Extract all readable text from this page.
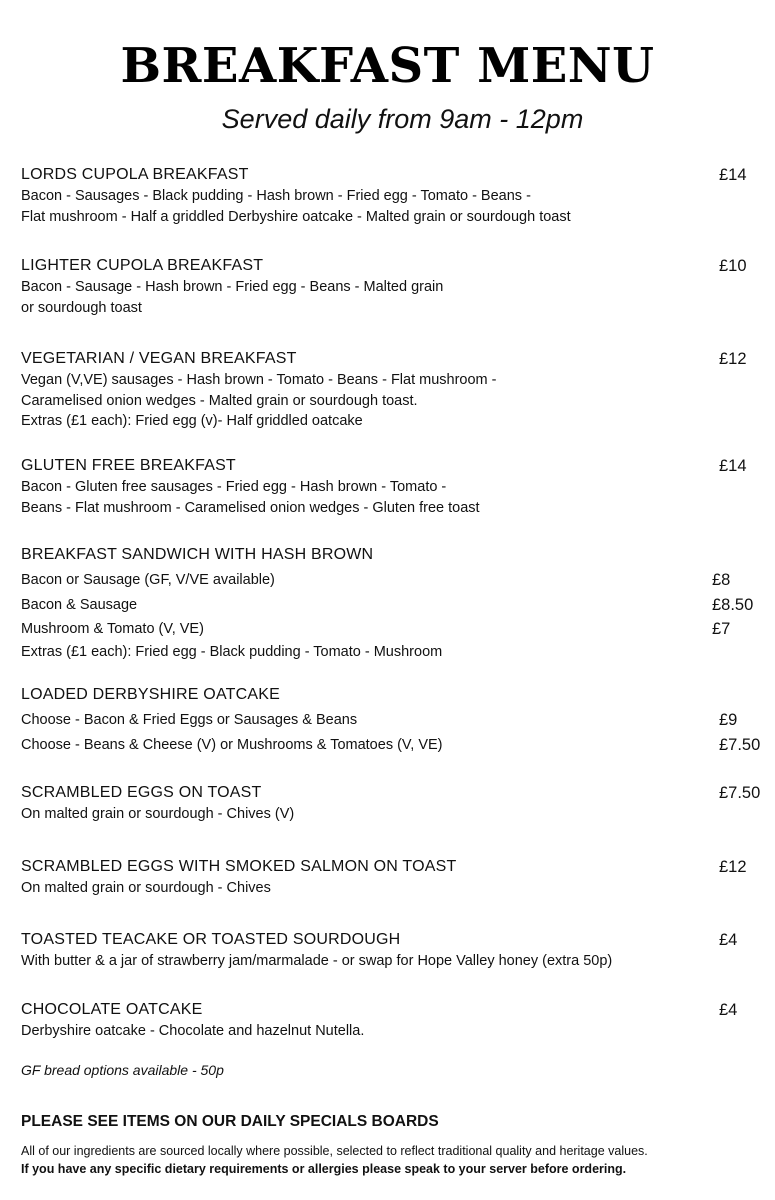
BREAKFAST MENU
Served daily from 9am - 12pm
LORDS CUPOLA BREAKFAST	£14
Bacon - Sausages - Black pudding - Hash brown - Fried egg - Tomato - Beans -
Flat mushroom - Half a griddled Derbyshire oatcake - Malted grain or sourdough toast
LIGHTER CUPOLA BREAKFAST	£10
Bacon - Sausage - Hash brown - Fried egg - Beans - Malted grain
or sourdough toast
VEGETARIAN / VEGAN BREAKFAST	£12
Vegan (V,VE) sausages - Hash brown - Tomato - Beans - Flat mushroom -
Caramelised onion wedges - Malted grain or sourdough toast.
Extras (£1 each): Fried egg (v)- Half griddled oatcake
GLUTEN FREE BREAKFAST	£14
Bacon - Gluten free sausages - Fried egg - Hash brown - Tomato -
Beans - Flat mushroom - Caramelised onion wedges - Gluten free toast
BREAKFAST SANDWICH WITH HASH BROWN
Bacon or Sausage (GF, V/VE available)	£8
Bacon & Sausage	£8.50
Mushroom & Tomato (V, VE)	£7
Extras (£1 each): Fried egg - Black pudding - Tomato - Mushroom
LOADED DERBYSHIRE OATCAKE
Choose - Bacon & Fried Eggs or Sausages & Beans	£9
Choose - Beans & Cheese (V) or Mushrooms & Tomatoes (V, VE)	£7.50
SCRAMBLED EGGS ON TOAST	£7.50
On malted grain or sourdough - Chives (V)
SCRAMBLED EGGS WITH SMOKED SALMON ON TOAST	£12
On malted grain or sourdough - Chives
TOASTED TEACAKE OR TOASTED SOURDOUGH	£4
With butter & a jar of strawberry jam/marmalade - or swap for Hope Valley honey (extra 50p)
CHOCOLATE OATCAKE	£4
Derbyshire oatcake - Chocolate and hazelnut Nutella.
GF bread options available - 50p
PLEASE SEE ITEMS ON OUR DAILY SPECIALS BOARDS
All of our ingredients are sourced locally where possible, selected to reflect traditional quality and heritage values.
If you have any specific dietary requirements or allergies please speak to your server before ordering.
